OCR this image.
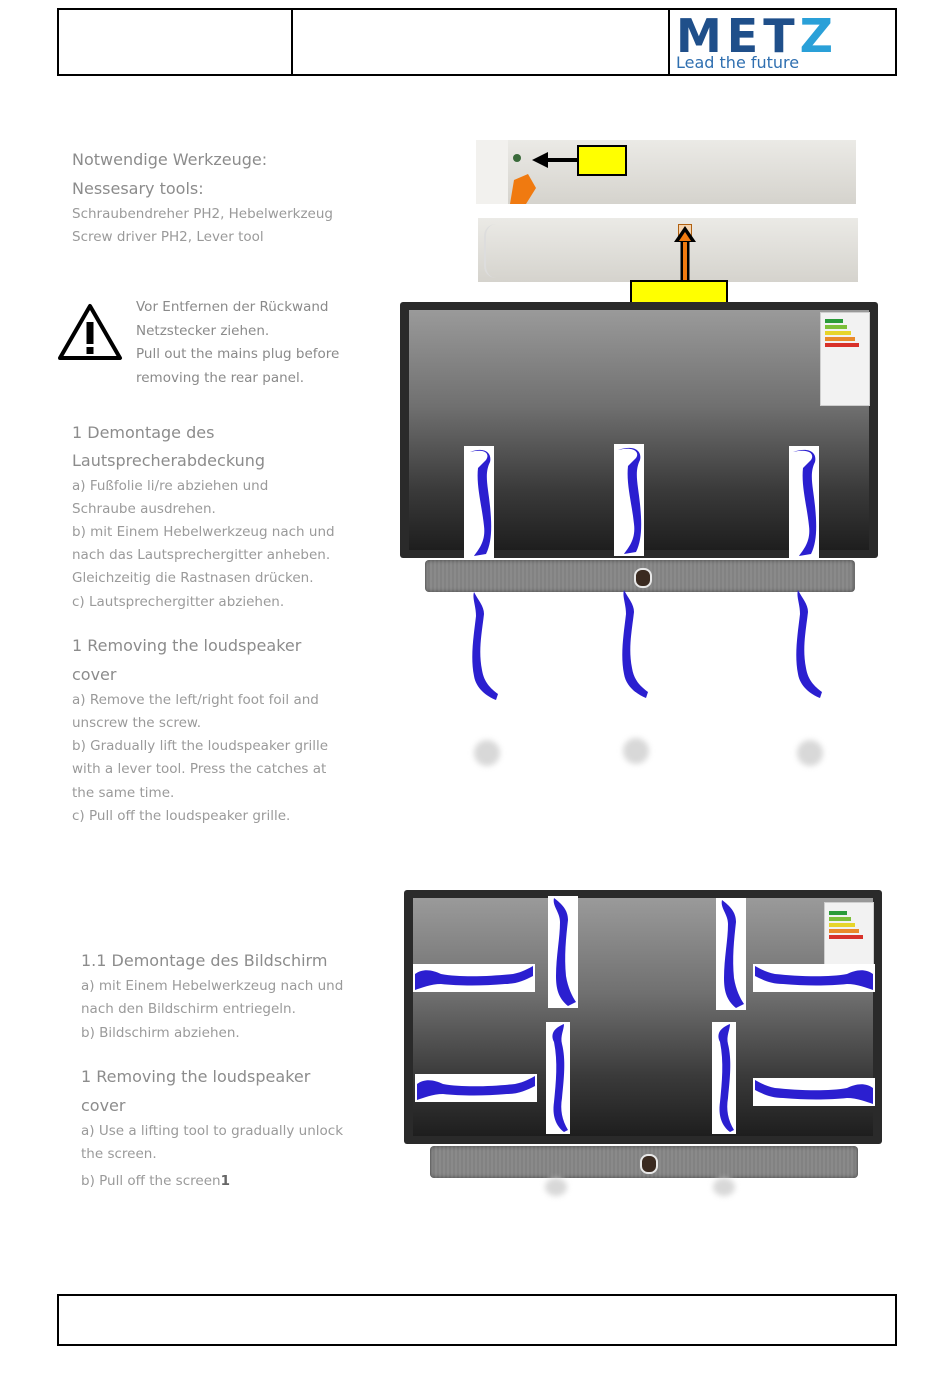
METZ
Lead the future
Notwendige Werkzeuge:
Nessesary tools:
Schraubendreher PH2, Hebelwerkzeug
Screw driver PH2, Lever tool
Vor Entfernen der Rückwand
Netzstecker ziehen.
Pull out the mains plug before
removing the rear panel.
1 Demontage des
Lautsprecherabdeckung
a) Fußfolie li/re abziehen und
Schraube ausdrehen.
b) mit Einem Hebelwerkzeug nach und
nach das Lautsprechergitter anheben.
Gleichzeitig die Rastnasen drücken.
c) Lautsprechergitter abziehen.
1 Removing the loudspeaker
cover
a) Remove the left/right foot foil and
unscrew the screw.
b) Gradually lift the loudspeaker grille
with a lever tool. Press the catches at
the same time.
c) Pull off the loudspeaker grille.
1.1 Demontage des Bildschirm
a) mit Einem Hebelwerkzeug nach und
nach den Bildschirm entriegeln.
b) Bildschirm abziehen.
1 Removing the loudspeaker
cover
a) Use a lifting tool to gradually unlock
the screen.
b) Pull off the screen1
